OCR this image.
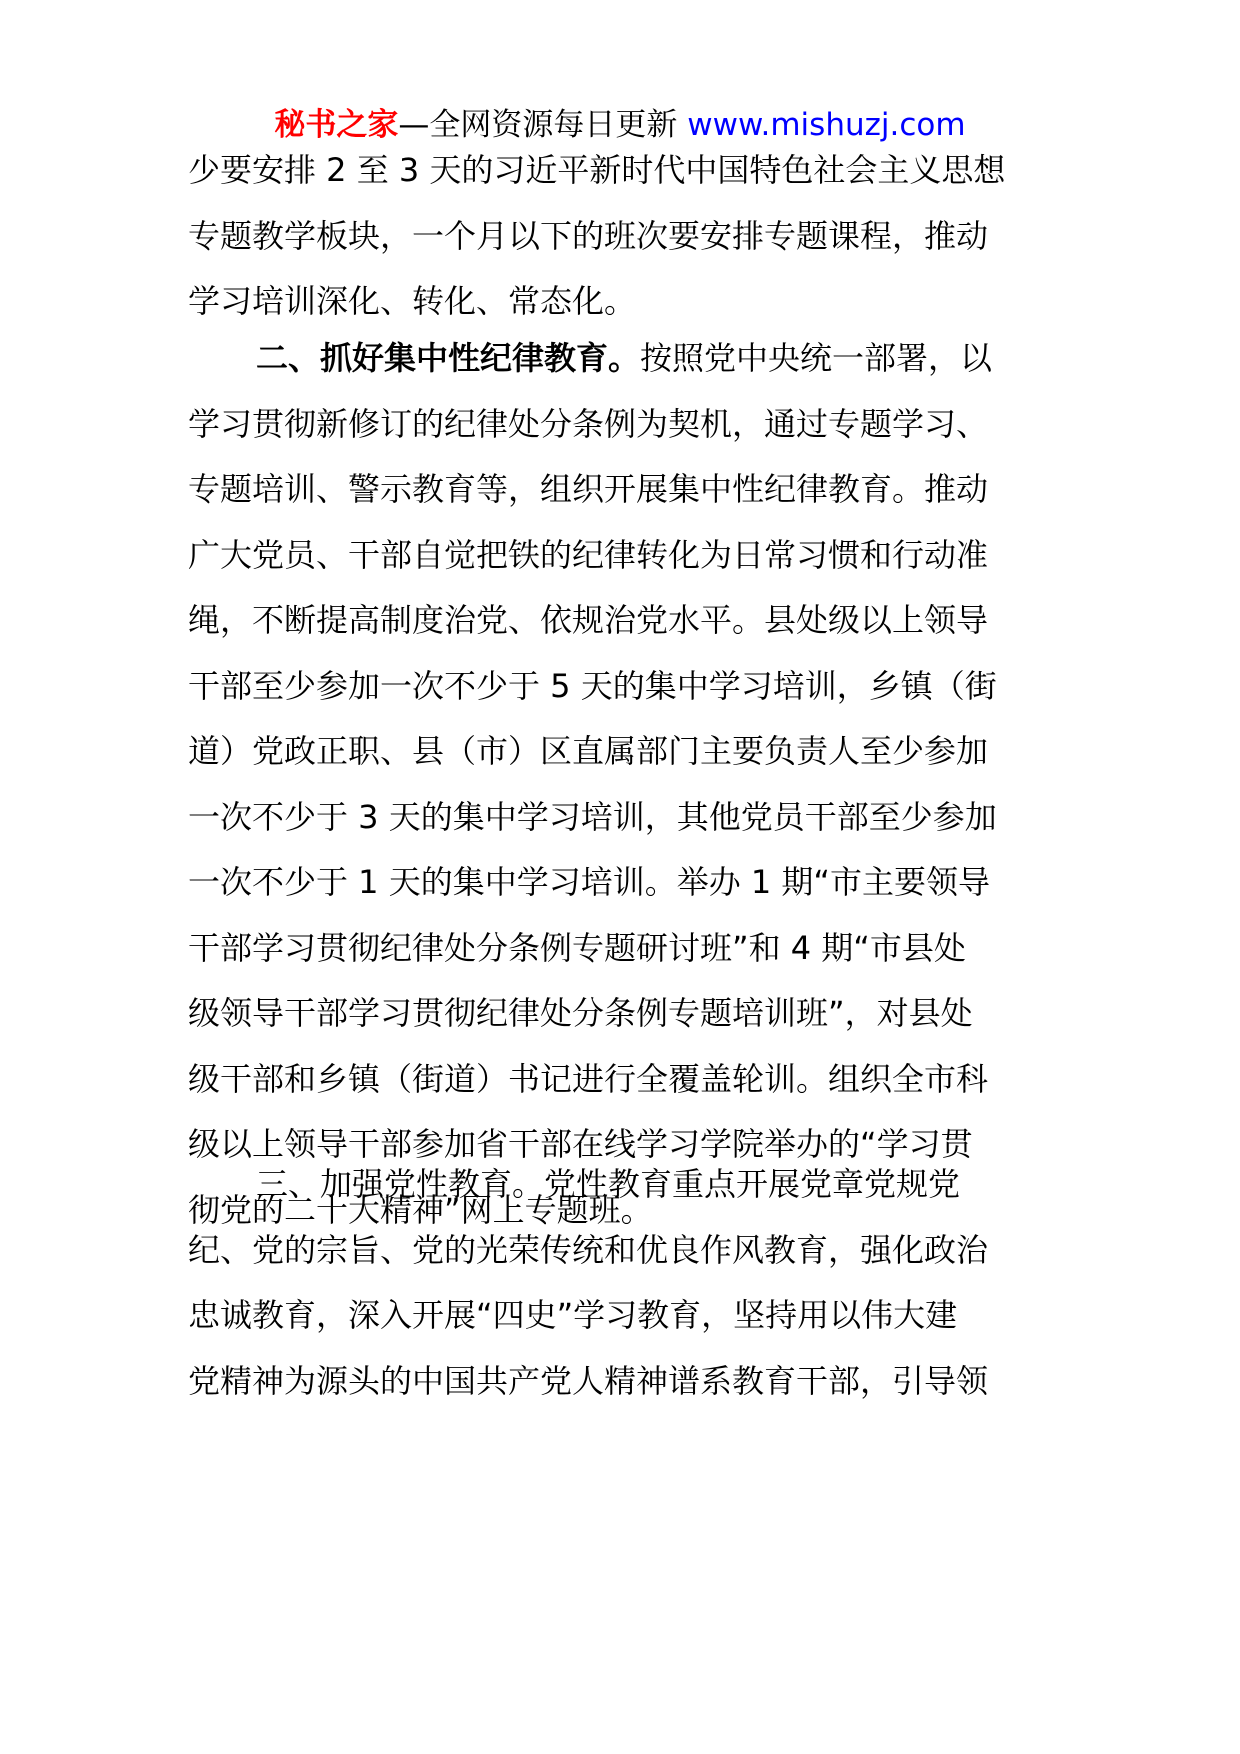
秘书之家—全网资源每日更新 www.mishuzj.com
少要安排 2 至 3 天的习近平新时代中国特色社会主义思想
专题教学板块，一个月以下的班次要安排专题课程，推动
学习培训深化、转化、常态化。
二、抓好集中性纪律教育。按照党中央统一部署，以
学习贯彻新修订的纪律处分条例为契机，通过专题学习、
专题培训、警示教育等，组织开展集中性纪律教育。推动
广大党员、干部自觉把铁的纪律转化为日常习惯和行动准
绳，不断提高制度治党、依规治党水平。县处级以上领导
干部至少参加一次不少于 5 天的集中学习培训，乡镇（街
道）党政正职、县（市）区直属部门主要负责人至少参加
一次不少于 3 天的集中学习培训，其他党员干部至少参加
一次不少于 1 天的集中学习培训。举办 1 期“市主要领导
干部学习贯彻纪律处分条例专题研讨班”和 4 期“市县处
级领导干部学习贯彻纪律处分条例专题培训班”，对县处
级干部和乡镇（街道）书记进行全覆盖轮训。组织全市科
级以上领导干部参加省干部在线学习学院举办的“学习贯
彻党的二十大精神”网上专题班。
三、加强党性教育。党性教育重点开展党章党规党
纪、党的宗旨、党的光荣传统和优良作风教育，强化政治
忠诚教育，深入开展“四史”学习教育，坚持用以伟大建
党精神为源头的中国共产党人精神谱系教育干部，引导领
